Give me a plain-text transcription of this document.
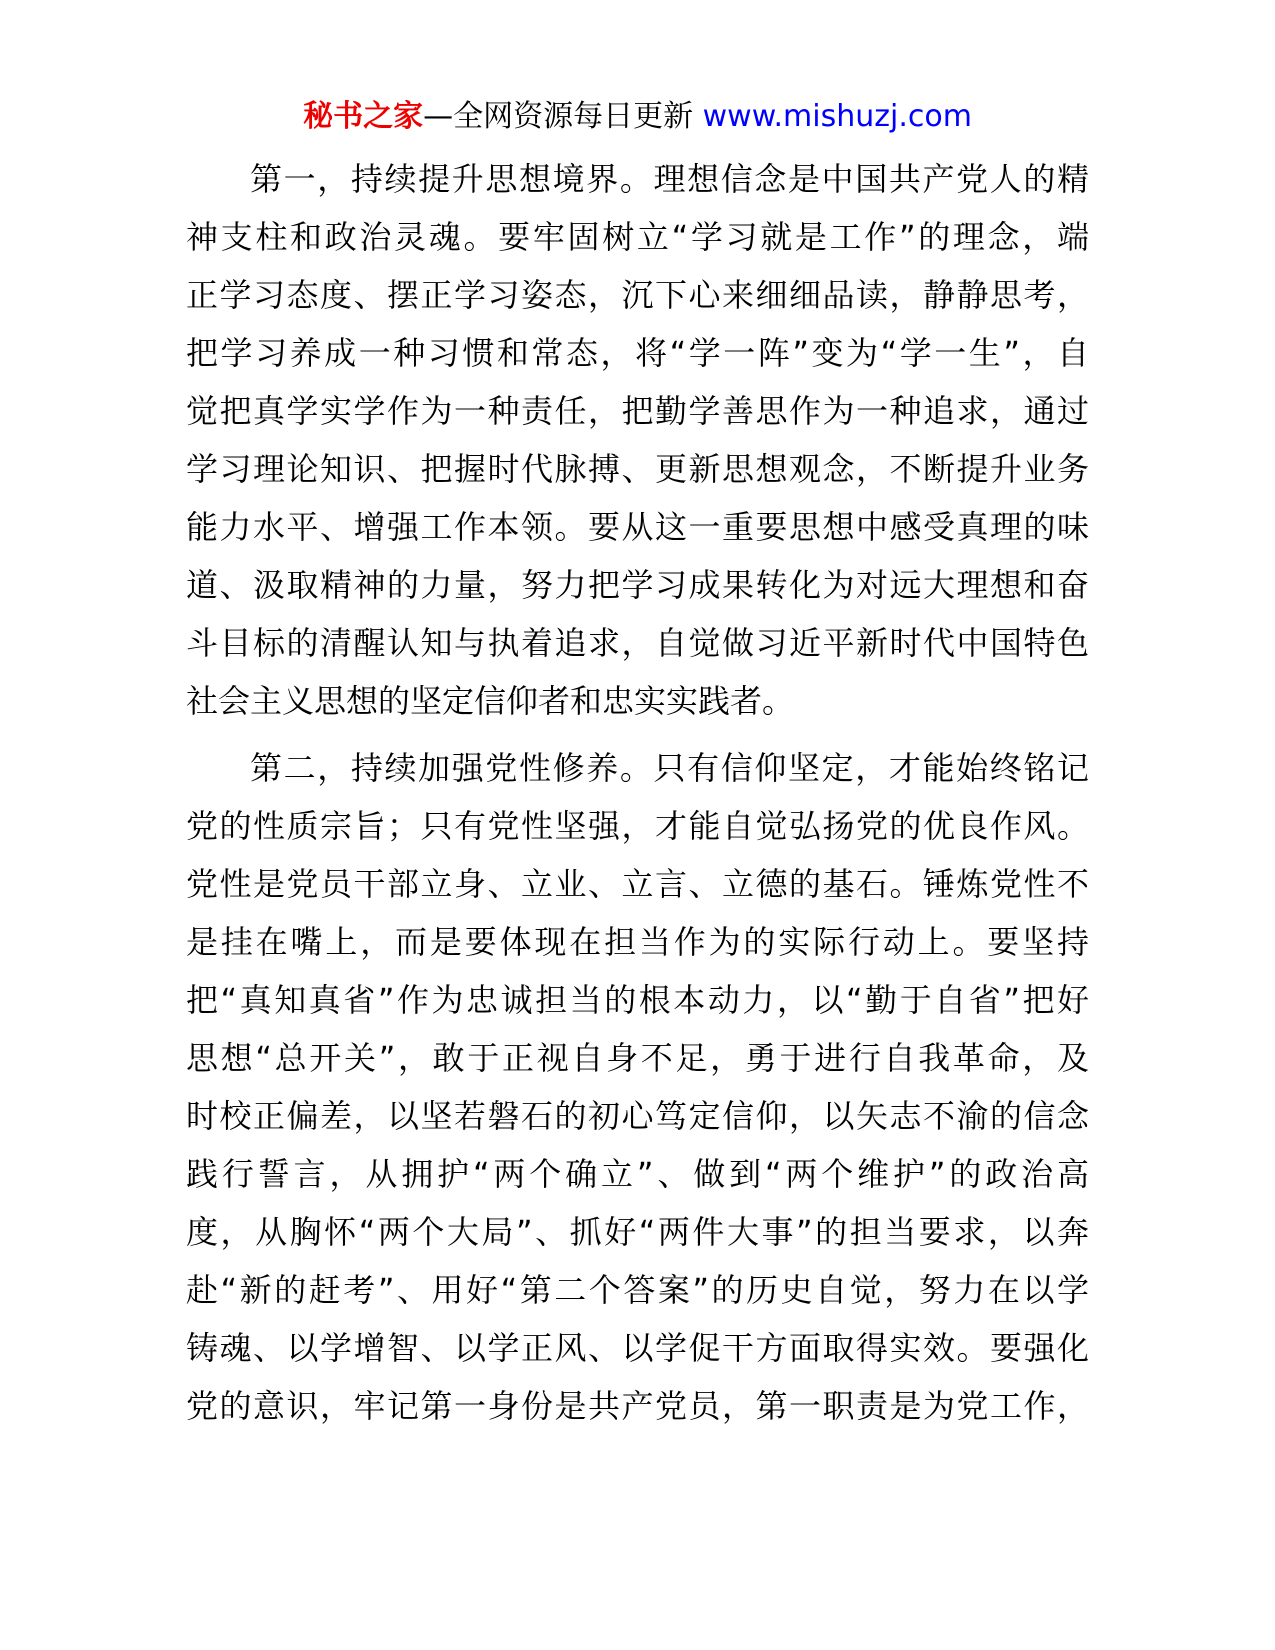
秘书之家—全网资源每日更新 www.mishuzj.com
第一，持续提升思想境界。理想信念是中国共产党人的精
神支柱和政治灵魂。要牢固树立“学习就是工作”的理念，端
正学习态度、摆正学习姿态，沉下心来细细品读，静静思考，
把学习养成一种习惯和常态，将“学一阵”变为“学一生”，自
觉把真学实学作为一种责任，把勤学善思作为一种追求，通过
学习理论知识、把握时代脉搏、更新思想观念，不断提升业务
能力水平、增强工作本领。要从这一重要思想中感受真理的味
道、汲取精神的力量，努力把学习成果转化为对远大理想和奋
斗目标的清醒认知与执着追求，自觉做习近平新时代中国特色
社会主义思想的坚定信仰者和忠实实践者。
第二，持续加强党性修养。只有信仰坚定，才能始终铭记
党的性质宗旨；只有党性坚强，才能自觉弘扬党的优良作风。
党性是党员干部立身、立业、立言、立德的基石。锤炼党性不
是挂在嘴上，而是要体现在担当作为的实际行动上。要坚持
把“真知真省”作为忠诚担当的根本动力，以“勤于自省”把好
思想“总开关”，敢于正视自身不足，勇于进行自我革命，及
时校正偏差，以坚若磐石的初心笃定信仰，以矢志不渝的信念
践行誓言，从拥护“两个确立”、做到“两个维护”的政治高
度，从胸怀“两个大局”、抓好“两件大事”的担当要求，以奔
赴“新的赶考”、用好“第二个答案”的历史自觉，努力在以学
铸魂、以学增智、以学正风、以学促干方面取得实效。要强化
党的意识，牢记第一身份是共产党员，第一职责是为党工作，
